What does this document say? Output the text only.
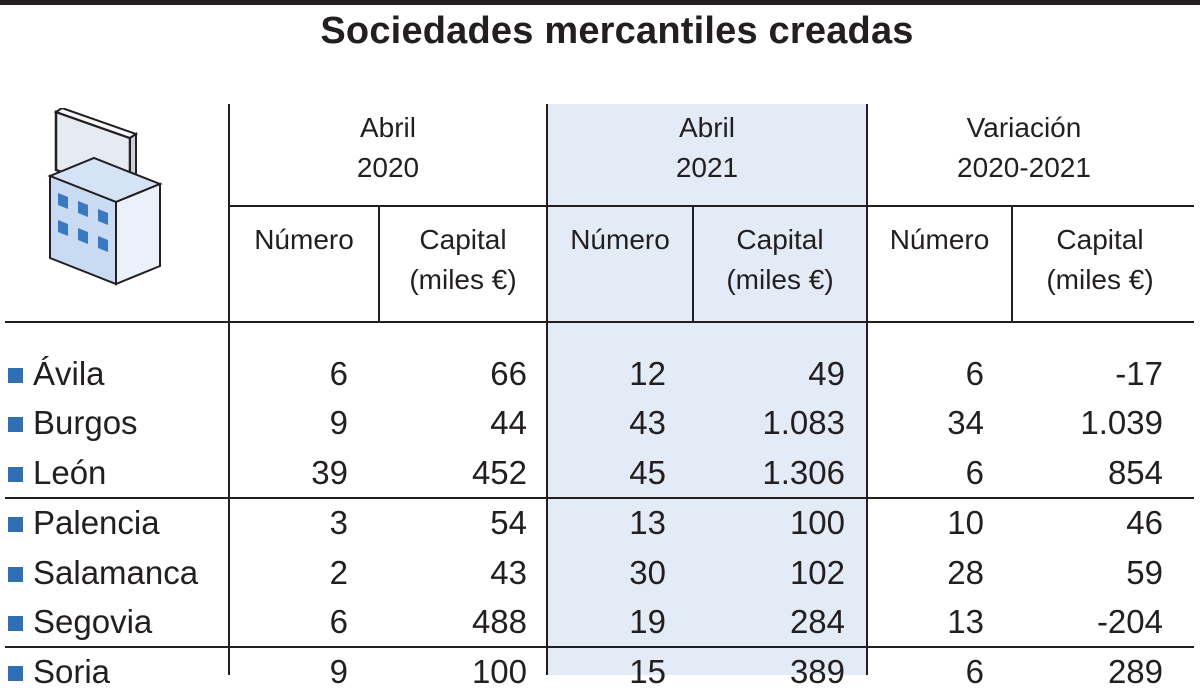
Sociedades mercantiles creadas
Abril
2020
Abril
2021
Variación
2020-2021
Número	Capital
(miles €)
Número	Capital
(miles €)
Número	Capital
(miles €)
Ávila	6	66	12	49	6	-17
Burgos	9	44	43	1.083	34	1.039
León	39	452	45	1.306	6	854
Palencia	3	54	13	100	10	46
Salamanca	2	43	30	102	28	59
Segovia	6	488	19	284	13	-204
Soria	9	100	15	389	6	289
